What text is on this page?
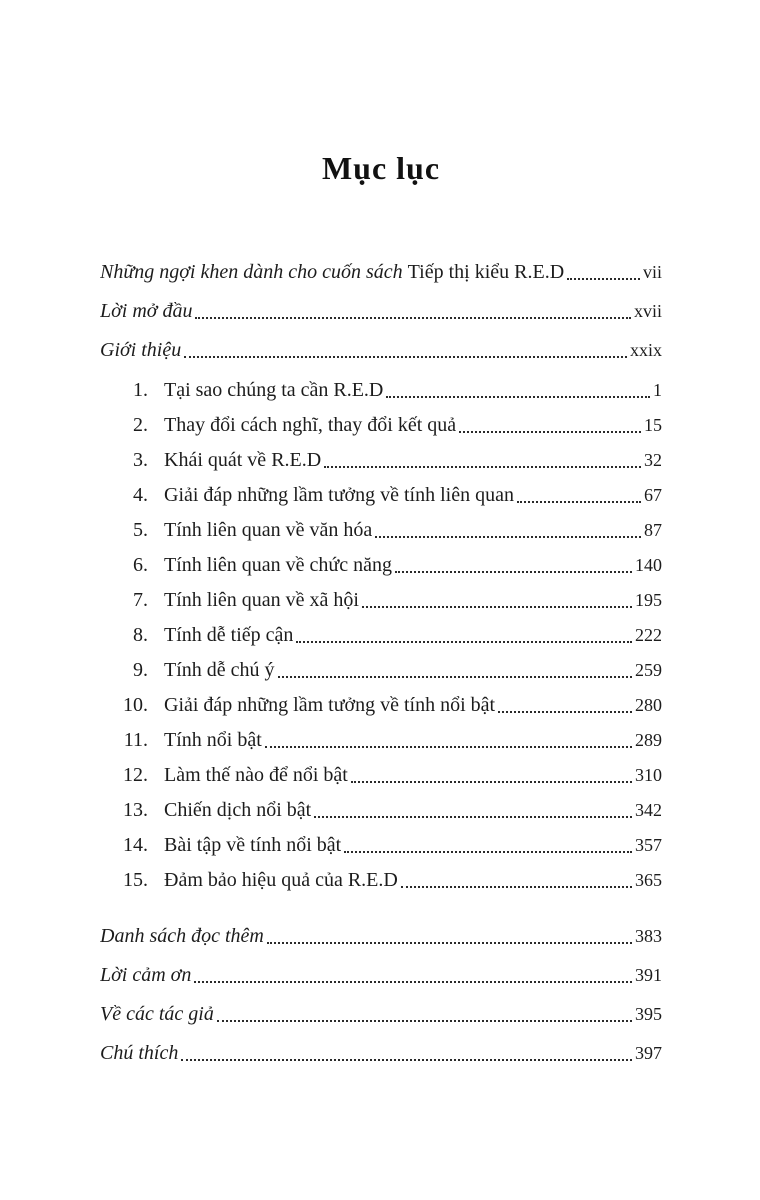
Mục lục
Những ngợi khen dành cho cuốn sách Tiếp thị kiểu R.E.D	vii
Lời mở đầu	xvii
Giới thiệu	xxix
1. Tại sao chúng ta cần R.E.D	1
2. Thay đổi cách nghĩ, thay đổi kết quả	15
3. Khái quát về R.E.D	32
4. Giải đáp những lầm tưởng về tính liên quan	67
5. Tính liên quan về văn hóa	87
6. Tính liên quan về chức năng	140
7. Tính liên quan về xã hội	195
8. Tính dễ tiếp cận	222
9. Tính dễ chú ý	259
10. Giải đáp những lầm tưởng về tính nổi bật	280
11. Tính nổi bật	289
12. Làm thế nào để nổi bật	310
13. Chiến dịch nổi bật	342
14. Bài tập về tính nổi bật	357
15. Đảm bảo hiệu quả của R.E.D	365
Danh sách đọc thêm	383
Lời cảm ơn	391
Về các tác giả	395
Chú thích	397
